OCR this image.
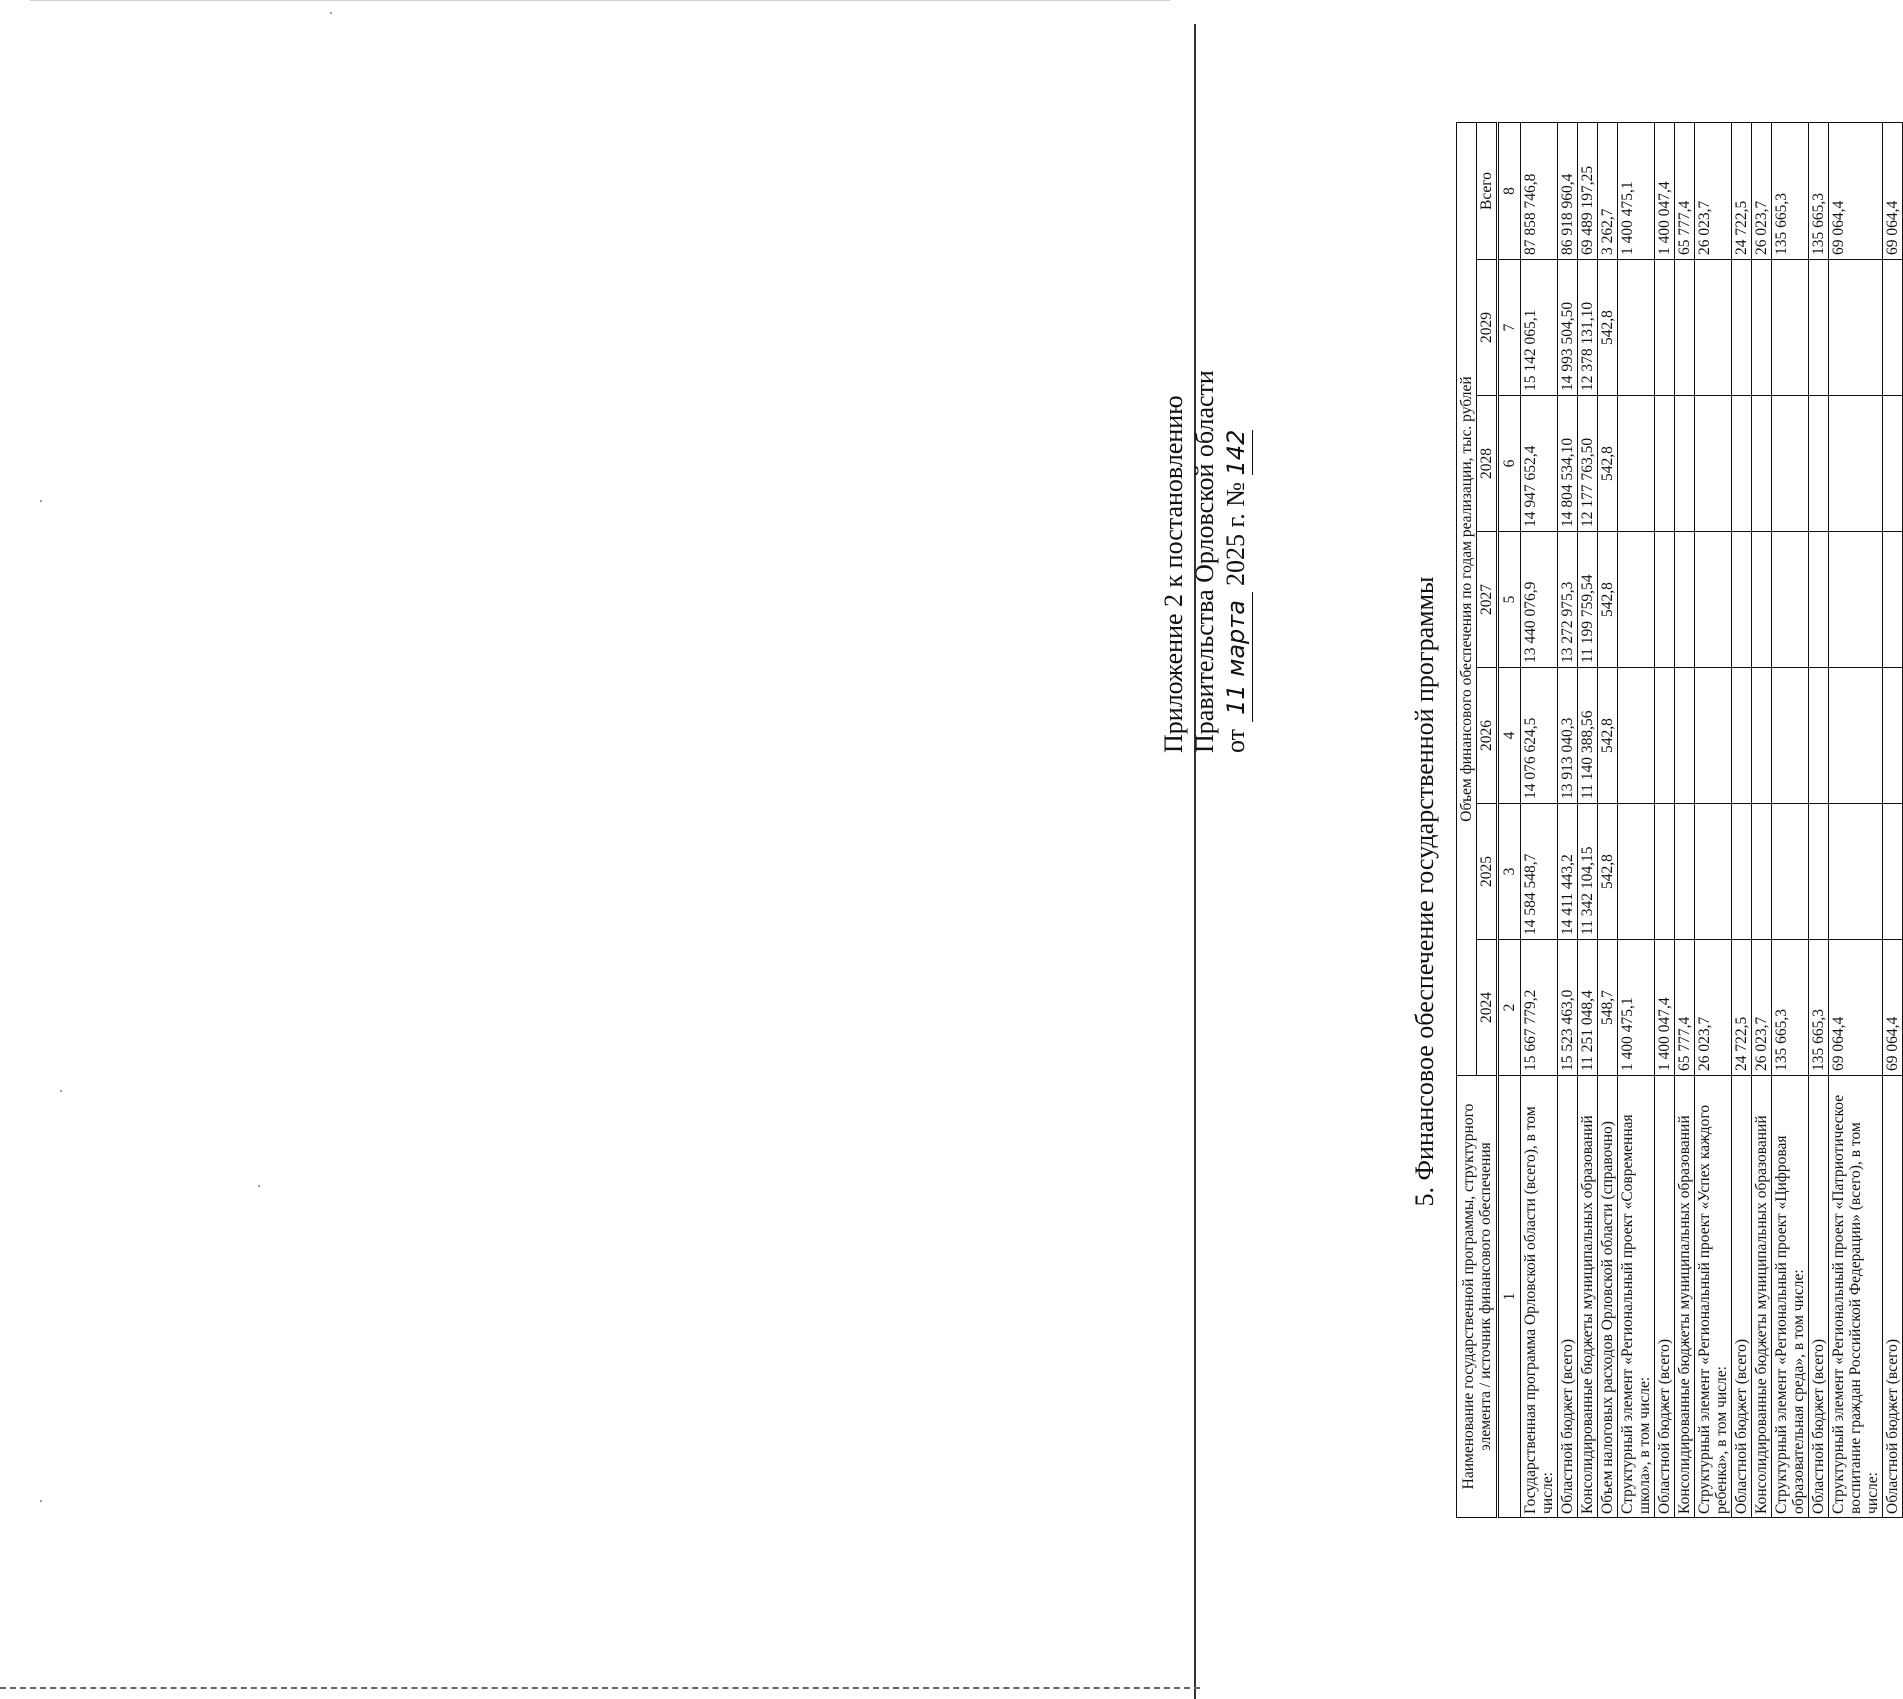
Приложение 2 к постановлению Правительства Орловской области от 11 марта 2025 г. № 142
5. Финансовое обеспечение государственной программы
Наименование государственной программы, структурного элемента / источник финансового обеспечения	Объем финансового обеспечения по годам реализации, тыс. рублей						
	2024	2025	2026	2027	2028	2029	Всего
1	2	3	4	5	6	7	8
Государственная программа Орловской области (всего), в том числе:	15 667 779,2	14 584 548,7	14 076 624,5	13 440 076,9	14 947 652,4	15 142 065,1	87 858 746,8
Областной бюджет (всего)	15 523 463,0	14 411 443,2	13 913 040,3	13 272 975,3	14 804 534,10	14 993 504,50	86 918 960,4
Консолидированные бюджеты муниципальных образований	11 251 048,4	11 342 104,15	11 140 388,56	11 199 759,54	12 177 763,50	12 378 131,10	69 489 197,25
Объем налоговых расходов Орловской области (справочно)	548,7	542,8	542,8	542,8	542,8	542,8	3 262,7
Структурный элемент «Региональный проект «Современная школа», в том числе:	1 400 475,1						1 400 475,1
Областной бюджет (всего)	1 400 047,4						1 400 047,4
Консолидированные бюджеты муниципальных образований	65 777,4						65 777,4
Структурный элемент «Региональный проект «Успех каждого ребенка», в том числе:	26 023,7						26 023,7
Областной бюджет (всего)	24 722,5						24 722,5
Консолидированные бюджеты муниципальных образований	26 023,7						26 023,7
Структурный элемент «Региональный проект «Цифровая образовательная среда», в том числе:	135 665,3						135 665,3
Областной бюджет (всего)	135 665,3						135 665,3
Структурный элемент «Региональный проект «Патриотическое воспитание граждан Российской Федерации» (всего), в том числе:	69 064,4						69 064,4
Областной бюджет (всего)	69 064,4						69 064,4
